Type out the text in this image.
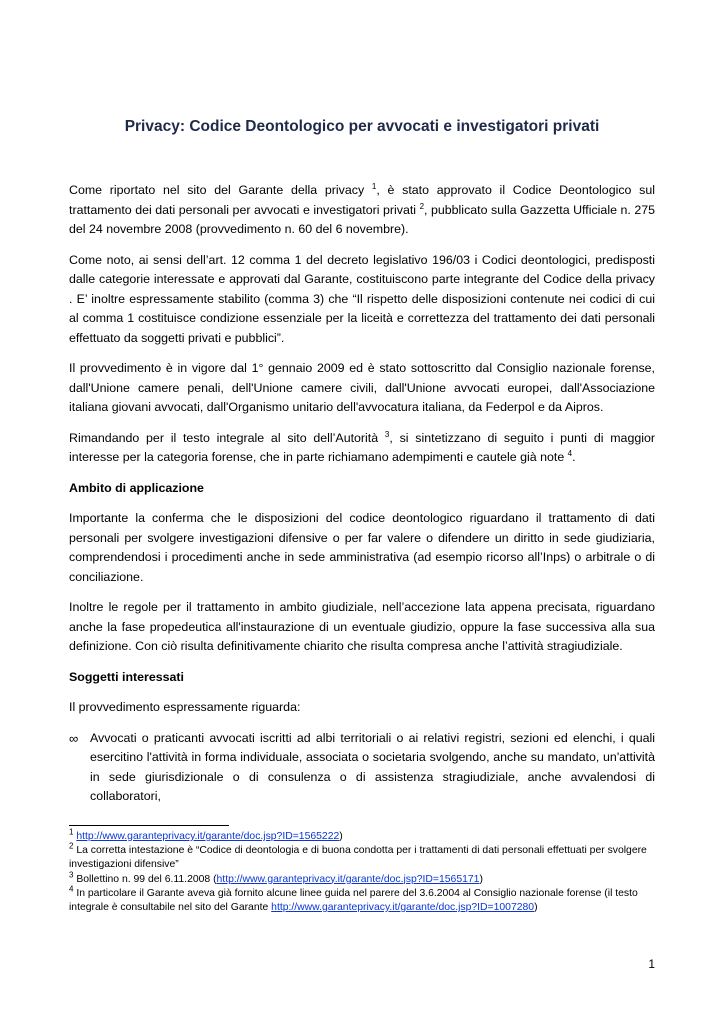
Privacy: Codice Deontologico per avvocati e investigatori privati

Come riportato nel sito del Garante della privacy $^1$, è stato approvato il Codice Deontologico sul trattamento dei dati personali per avvocati e investigatori privati $^2$, pubblicato sulla Gazzetta Ufficiale n. 275 del 24 novembre 2008 (provvedimento n. 60 del 6 novembre).

Come noto, ai sensi dell’art. 12 comma 1 del decreto legislativo 196/03 i Codici deontologici, predisposti dalle categorie interessate e approvati dal Garante, costituiscono parte integrante del Codice della privacy . E’ inoltre espressamente stabilito (comma 3) che “Il rispetto delle disposizioni contenute nei codici di cui al comma 1 costituisce condizione essenziale per la liceità e correttezza del trattamento dei dati personali effettuato da soggetti privati e pubblici”.

Il provvedimento è in vigore dal 1° gennaio 2009 ed è stato sottoscritto dal Consiglio nazionale forense, dall'Unione camere penali, dell'Unione camere civili, dall'Unione avvocati europei, dall'Associazione italiana giovani avvocati, dall'Organismo unitario dell'avvocatura italiana, da Federpol e da Aipros.

Rimandando per il testo integrale al sito dell’Autorità $^3$, si sintetizzano di seguito i punti di maggior interesse per la categoria forense, che in parte richiamano adempimenti e cautele già note $^4$.

Ambito di applicazione

Importante la conferma che le disposizioni del codice deontologico riguardano il trattamento di dati personali per svolgere investigazioni difensive o per far valere o difendere un diritto in sede giudiziaria, comprendendosi i procedimenti anche in sede amministrativa (ad esempio ricorso all’Inps) o arbitrale o di conciliazione.

Inoltre le regole per il trattamento in ambito giudiziale, nell’accezione lata appena precisata, riguardano anche la fase propedeutica all'instaurazione di un eventuale giudizio, oppure la fase successiva alla sua definizione. Con ciò risulta definitivamente chiarito che risulta compresa anche l’attività stragiudiziale.

Soggetti interessati

Il provvedimento espressamente riguarda:

∞ Avvocati o praticanti avvocati iscritti ad albi territoriali o ai relativi registri, sezioni ed elenchi, i quali esercitino l'attività in forma individuale, associata o societaria svolgendo, anche su mandato, un'attività in sede giurisdizionale o di consulenza o di assistenza stragiudiziale, anche avvalendosi di collaboratori,

$^1$ http://www.garanteprivacy.it/garante/doc.jsp?ID=1565222)

$^2$ La corretta intestazione è “Codice di deontologia e di buona condotta per i trattamenti di dati personali effettuati per svolgere investigazioni difensive”

$^3$ Bollettino n. 99 del 6.11.2008 (http://www.garanteprivacy.it/garante/doc.jsp?ID=1565171)

$^4$ In particolare il Garante aveva già fornito alcune linee guida nel parere del 3.6.2004 al Consiglio nazionale forense (il testo integrale è consultabile nel sito del Garante http://www.garanteprivacy.it/garante/doc.jsp?ID=1007280)

1
